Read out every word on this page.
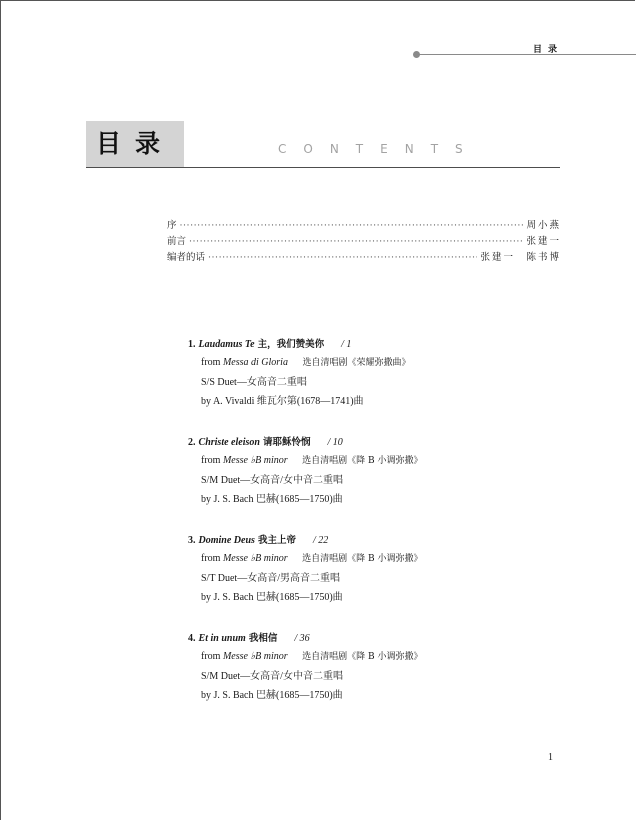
目录
目录	CONTENTS
序 ·····	周小燕
前言 ·····	张建一
编者的话 ·····	张建一　陈书博
1. Laudamus Te 主，我们赞美你 / 1
from Messa di Gloria 选自清唱剧《荣耀弥撒曲》
S/S Duet—女高音二重唱
by A. Vivaldi 维瓦尔第(1678—1741)曲
2. Christe eleison 请耶稣怜悯 / 10
from Messe ♭B minor 选自清唱剧《降 B 小调弥撒》
S/M Duet—女高音/女中音二重唱
by J. S. Bach 巴赫(1685—1750)曲
3. Domine Deus 我主上帝 / 22
from Messe ♭B minor 选自清唱剧《降 B 小调弥撒》
S/T Duet—女高音/男高音二重唱
by J. S. Bach 巴赫(1685—1750)曲
4. Et in unum 我相信 / 36
from Messe ♭B minor 选自清唱剧《降 B 小调弥撒》
S/M Duet—女高音/女中音二重唱
by J. S. Bach 巴赫(1685—1750)曲
1
